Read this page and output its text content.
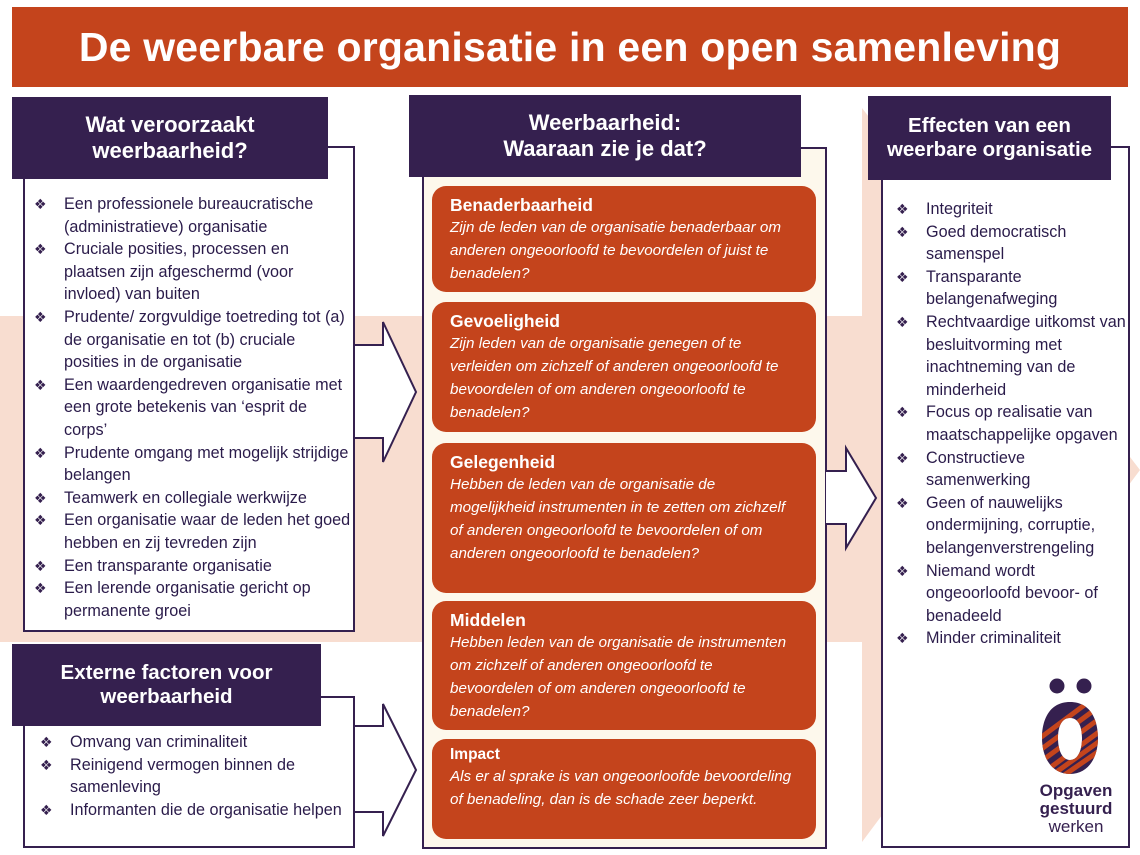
De weerbare organisatie in een open samenleving
Wat veroorzaakt weerbaarheid?
❖ Een professionele bureaucratische (administratieve) organisatie
❖ Cruciale posities, processen en plaatsen zijn afgeschermd (voor invloed) van buiten
❖ Prudente/ zorgvuldige toetreding tot (a) de organisatie en tot (b) cruciale posities in de organisatie
❖ Een waardengedreven organisatie met een grote betekenis van ‘esprit de corps’
❖ Prudente omgang met mogelijk strijdige belangen
❖ Teamwerk en collegiale werkwijze
❖ Een organisatie waar de leden het goed hebben en zij tevreden zijn
❖ Een transparante organisatie
❖ Een lerende organisatie gericht op permanente groei
Externe factoren voor weerbaarheid
❖ Omvang van criminaliteit
❖ Reinigend vermogen binnen de samenleving
❖ Informanten die de organisatie helpen
Weerbaarheid:
Waaraan zie je dat?
Benaderbaarheid
Zijn de leden van de organisatie benaderbaar om anderen ongeoorloofd te bevoordelen of juist te benadelen?
Gevoeligheid
Zijn leden van de organisatie genegen of te verleiden om zichzelf of anderen ongeoorloofd te bevoordelen of om anderen ongeoorloofd te benadelen?
Gelegenheid
Hebben de leden van de organisatie de mogelijkheid instrumenten in te zetten om zichzelf of anderen ongeoorloofd te bevoordelen of om anderen ongeoorloofd te benadelen?
Middelen
Hebben leden van de organisatie de instrumenten om zichzelf of anderen ongeoorloofd te bevoordelen of om anderen ongeoorloofd te benadelen?
Impact
Als er al sprake is van ongeoorloofde bevoordeling of benadeling, dan is de schade zeer beperkt.
Effecten van een weerbare organisatie
❖ Integriteit
❖ Goed democratisch samenspel
❖ Transparante belangenafweging
❖ Rechtvaardige uitkomst van besluitvorming met inachtneming van de minderheid
❖ Focus op realisatie van maatschappelijke opgaven
❖ Constructieve samenwerking
❖ Geen of nauwelijks ondermijning, corruptie, belangenverstrengeling
❖ Niemand wordt ongeoorloofd bevoor- of benadeeld
❖ Minder criminaliteit
Opgaven
gestuurd
werken
